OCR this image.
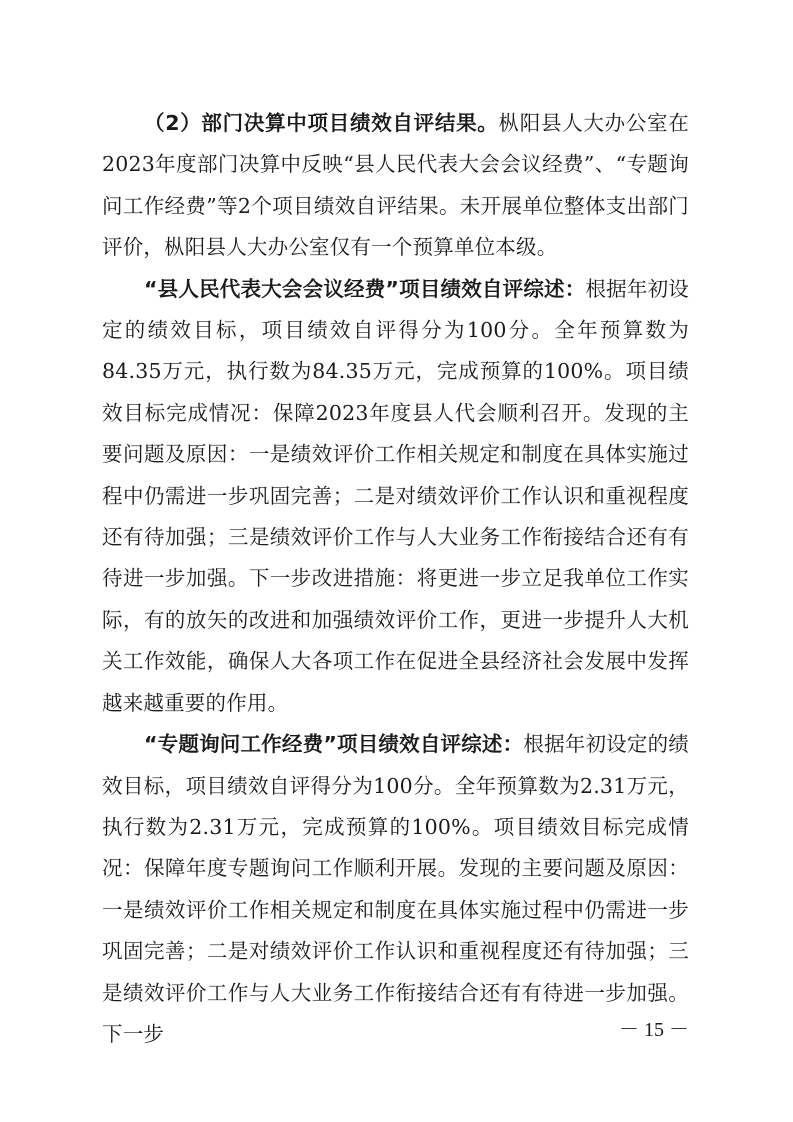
（2）部门决算中项目绩效自评结果。枞阳县人大办公室在2023年度部门决算中反映“县人民代表大会会议经费”、“专题询问工作经费”等2个项目绩效自评结果。未开展单位整体支出部门评价，枞阳县人大办公室仅有一个预算单位本级。

“县人民代表大会会议经费”项目绩效自评综述：根据年初设定的绩效目标，项目绩效自评得分为100分。全年预算数为84.35万元，执行数为84.35万元，完成预算的100%。项目绩效目标完成情况：保障2023年度县人代会顺利召开。发现的主要问题及原因：一是绩效评价工作相关规定和制度在具体实施过程中仍需进一步巩固完善；二是对绩效评价工作认识和重视程度还有待加强；三是绩效评价工作与人大业务工作衔接结合还有有待进一步加强。下一步改进措施：将更进一步立足我单位工作实际，有的放矢的改进和加强绩效评价工作，更进一步提升人大机关工作效能，确保人大各项工作在促进全县经济社会发展中发挥越来越重要的作用。

“专题询问工作经费”项目绩效自评综述：根据年初设定的绩效目标，项目绩效自评得分为100分。全年预算数为2.31万元，执行数为2.31万元，完成预算的100%。项目绩效目标完成情况：保障年度专题询问工作顺利开展。发现的主要问题及原因：一是绩效评价工作相关规定和制度在具体实施过程中仍需进一步巩固完善；二是对绩效评价工作认识和重视程度还有待加强；三是绩效评价工作与人大业务工作衔接结合还有有待进一步加强。下一步	－ 15 －
